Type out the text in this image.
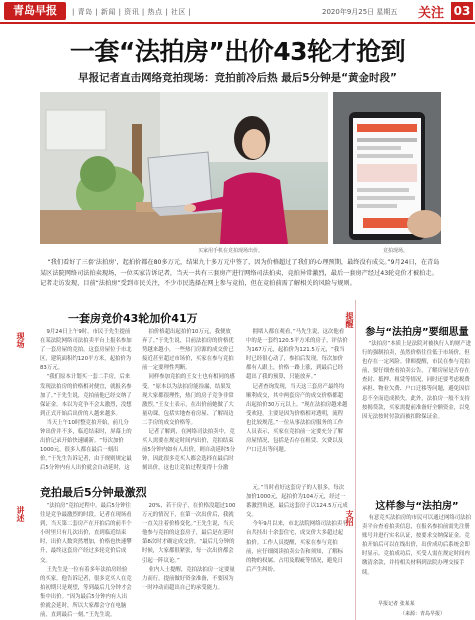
青岛早报	| 青岛 | 新闻 | 资讯 | 热点 | 社区 |	2020年9月25日 星期五 关注 03
一套“法拍房”出价43轮才抢到
早报记者直击网络竞拍现场：竞拍前冷后热 最后5分钟是“黄金时段”
买家用手机在竞拍现场出价。	竞拍现场。
“我们看好了三套‘法拍房’，起拍价都在80多万元，结果九十多万元中签了，因为价格超过了我们的心理预期，最终没有成交。”9月24日，在青岛某区法院网络司法拍卖现场，一位买家告诉记者，当天一共有三套房产进行网络司法拍卖，竞拍异常激烈，最后一套房产经过43轮竞价才被拍走。记者走访发现，目前“法拍房”受到市民关注，不少市民选择在网上参与竞拍，但在竞拍前需了解相关的风险与规则。
现场
讲述
提醒
支招
一套房竞价43轮加价41万

9月24日上午9时，市民于先生提前在某法院网络司法拍卖平台上报名参加了一套房屋的竞拍。这套房屋位于市北区，建筑面积约120平方米，起拍价为83万元。

“我们原本计划买一套二手房，后来发现法拍房的价格相对便宜，就报名参加了。”于先生说，竞拍前他已经交纳了保证金，本以为竞争不会太激烈，没想到正式开始后出价的人越来越多。

当天上午10时整竞拍开始，前几分钟出价并不多，临近结束时，屏幕上的出价记录开始快速刷新。“每次加价1000元，很多人都在最后一刻出价。”于先生告诉记者，由于规则规定最后5分钟内有人出价就会自动延时，这

拍价格超出起拍价10万元，我便放弃了。”于先生说，目前法拍房的价格优势越来越小，一些热门房源的成交价已接近甚至超过市场价，买家在参与竞拍前一定要理性判断。

同样参加竞拍的王女士也有相同的感受。“原本以为法拍房能捡漏，结果发现大家都很理性，热门的房子竞争非常激烈。”王女士表示，在出价前她做了大量功课，包括实地查看房屋、了解周边二手房的成交价格等。

记者了解到，在网络司法拍卖中，竞买人需要在规定时间内出价，竞拍结束前5分钟内如有人出价，则自动延时5分钟，因此很多竞买人都会选择在最后时刻出价，这也让竞拍过程变得十分激

拥堵人都在观看，”马先生说，这次他看中的是一套约120.5平方米的房子，评估价为167万元，起拍价为121.5万元，“我当时已经很心动了，参拍后发现，每次加价都有人跟上，价格一路上涨，到最后已经超出了我的预算，只能放弃。”

记者查询发现，当天这三套房产最终均顺利成交，其中两套房产的成交价格都超出起拍价30万元以上。“现在法拍房越来越受欢迎，主要是因为价格相对透明，流程也比较规范。”一位从事法拍房服务的工作人员表示，买家在竞拍前一定要充分了解房屋情况，包括是否存在租赁、欠费以及户口迁出等问题。

竞拍最后5分钟最激烈

“法拍房”竞拍过程中，最后5分钟往往是竞争最激烈的时段。记者在现场看到，当天第二套房产在开拍后的前半个小时里只有几次出价，直到临近结束时，出价人数突然增加，价格也快速攀升，最终这套房产经过多轮竞价后成交。

王先生是一位有着多年法拍房经验的买家，他告诉记者，很多竞买人在竞拍初期只是观望，等到最后几分钟才会集中出价。“因为最后5分钟内有人出价就会延时，所以大家都会守在电脑前，直到最后一刻。”王先生说。

20%，若干房子，在价格没超过100万元的情况下，在第一次出价后，我就一直关注着价格变化。”王先生说，当天他参与竞拍的这套房子，最后是在延时第8次时才确定成交价，“最后几分钟的时候，大家都很紧张，每一次出价都会引起一阵议论。”

业内人士提醒，竞拍法拍房一定要量力而行，提前做好资金准备，不要因为一时冲动而超出自己的承受能力。

元。”当时看好这套房子的人很多，每次加价1000元，起拍价为104万元，经过一番激烈角逐，最后这套房子以124.5万元成交。

今年9月以来，市北法院网络司法拍卖平台共挂出十余套住宅，成交价大多超过起拍价。工作人员提醒，买家在参与竞拍前，应仔细阅读拍卖公告和须知，了解标的物的权属、占用及瑕疵等情况，避免日后产生纠纷。

参与“法拍房”要细思量
“法拍房”本质上是法院对被执行人的财产进行的强制拍卖，虽然价格往往低于市场价，但也存在一定风险。律师提醒，市民在参与竞拍前，要仔细查看拍卖公告，了解房屋是否存在查封、抵押、租赁等情况，同时还要考虑税费承担、物业欠费、户口迁移等问题，避免因信息不全而造成损失。此外，法拍房一般不支持按揭贷款，买家需提前准备好全额资金，以免因无法按时付款而被扣除保证金。
这样参与“法拍房”
有意竞买法拍房的市民可以通过网络司法拍卖平台查看拍卖信息，在报名参拍前需先注册账号并进行实名认证，按要求交纳保证金。竞拍开始后可以在线出价，出价成功后系统会即时显示。竞拍成功后，买受人需在规定时间内缴清余款，并持相关材料到法院办理交接手续。
早报记者 张某某
（来源：青岛早报）
